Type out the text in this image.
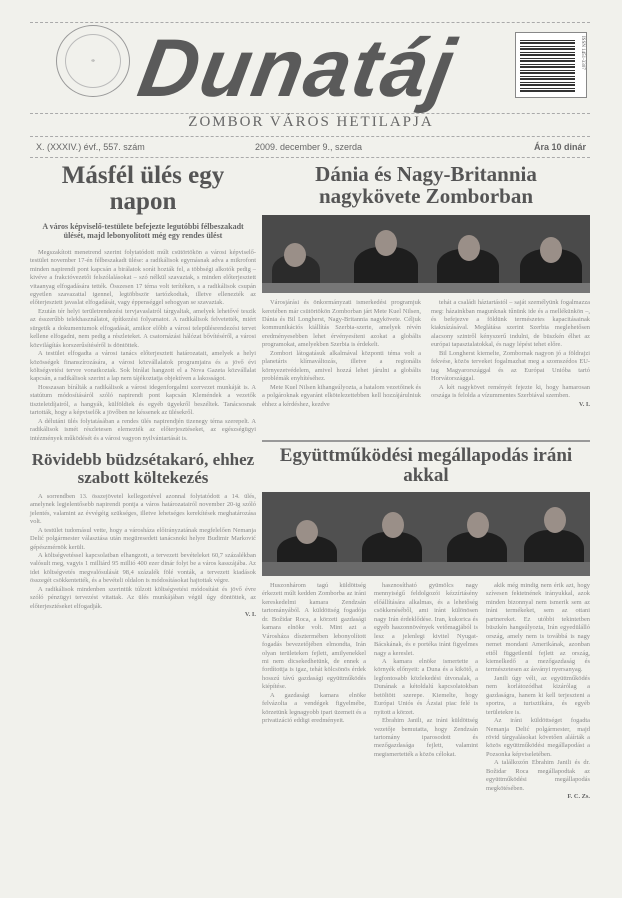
✠ Dunatáj	ISSN 1451-3307
ZOMBOR VÁROS HETILAPJA
X. (XXXIV.) évf., 557. szám	2009. december 9., szerda	Ára 10 dinár
Másfél ülés egy napon
A város képviselő-testülete befejezte legutóbbi félbeszakadt ülését, majd lebonyolított még egy rendes ülést

Megszakított menetrend szerint folytatódott múlt csütörtökön a városi képviselő-testület november 17-én félbeszakadt ülése: a radikálisok egymásnak adva a mikrofont minden napirendi pont kapcsán a birálatok sorát hozták fel, a többségi alkotók pedig – kivéve a frakcióvezetői felszólalásokat – szó nélkül szavaztak, s minden előterjesztett vitaanyag elfogadására tették. Összesen 17 téma volt terítéken, s a radikálisok csupán egyetlen szavazattal igennel, legtöbbször tartózkodtak, illetve ellenezték az előterjesztett javaslat elfogadását, vagy éppenséggel sehogyan se szavaztak.

Ezután tér helyi területrendezési tervjavaslatról tárgyaltak, amelyek lehetővé teszik az ésszerűbb telekhasználatot, építkezési folyamatot. A radikálisok felvetették, miért sürgetik a dokumentumok elfogadását, amikor előbb a városi településrendezési tervet kellene elfogadni, nem pedig a részleteket. A csatornázási hálózat bővítéséről, a városi közvilágítás korszerűsítéséről is döntöttek.

A testület elfogadta a városi tanács előterjesztett határozatait, amelyek a helyi közösségek finanszírozására, a városi közvállalatok programjaira és a jövő évi költségvetési tervre vonatkoztak. Sok birálat hangzott el a Nova Gazeta közvállalat kapcsán, a radikálisok szerint a lap nem tájékoztatja objektíven a lakosságot.

Hosszasan bírálták a radikálisok a városi idegenforgalmi szervezet munkáját is. A statútum módosításáról szóló napirendi pont kapcsán Kleméndek a vezetők tiszteletdíjairól, a hangyák, külföldiek és egyéb ügyekről beszéltek. Tanácsosnak tartották, hogy a képviselők a jövőben ne késsenek az ülésekről.

A délutáni ülés folytatásában a rendes ülés napirendjén tizenegy téma szerepelt. A radikálisok ismét részletesen elemezték az előterjesztéseket, az egészségügyi intézmények működését és a városi vagyon nyilvántartását is.

Rövidebb büdzsétakaró, ehhez szabott költekezés

A sorrendben 13. összejövetel kellegzetével azonnal folytatódott a 14. ülés, amelynek legjelentősebb napirendi pontja a város határozatairól november 20-ig szóló jelentés, valamint az évvégéig szükséges, illetve lehetséges kerekítések meghatározása volt.

A testület tudomásul vette, hogy a városháza előirányzatának megfelelően Nemanja Delić polgármester választása után megüresedett tanácsnoki helyre Budimir Marković gépészmérnök került.

A költségvetéssel kapcsolatban elhangzott, a tervezett bevételeket 60,7 százalékban valósult meg, vagyis 1 milliárd 95 millió 400 ezer dinár folyt be a város kasszájába. Az idei költségvetés megvalósulását 98,4 százalék fölé vonták, a tervezett kiadások összegét csökkentették, és a bevételi oldalon is módosításokat hajtottak végre.

A radikálisok mindenben szerintük túlzott költségvetési módosítást és jövő évre szóló pénzügyi tervezést vitattak. Az ülés munkájában végül úgy döntöttek, az előterjesztéseket elfogadják.

V. I.
Dánia és Nagy-Britannia nagykövete Zomborban

Városjárási és önkormányzati ismerkedési programjuk keretében már csütörtökön Zomborban járt Mete Kuel Nilsen, Dánia és Bil Longherst, Nagy-Britannia nagykövete. Céljuk kommunikációs kiállítás Szerbia-szerte, amelyek révén eredményesebben lehet érvényesíteni azokat a globális programokat, amelyekben Szerbia is érdekelt.

Zombori látogatásuk alkalmával központi téma volt a planetáris klímaváltozás, illetve a regionális környezetvédelem, amivel hozzá lehet járulni a globális problémák enyhítéséhez.

Mete Kuel Nilsen kihangsúlyozta, a hatalom vezetőinek és a polgároknak egyaránt elkötelezettebben kell hozzájárulniuk ehhez a kérdéshez, kezdve

tehát a családi háztartástól – saját személyünk fogalmazza meg: házainkban magunknak tűnünk ide és a mellékünkön –, és befejezve a földünk természetes kapacitásainak kiaknázásával. Meglátása szerint Szerbia meglehetősen alacsony szintről kényszerű indulni, de büszkén élhet az európai tapasztalatokkal, és nagy lépést tehet előre.

Bil Longherst kiemelte, Zombornak nagyon jó a földrajzi fekvése, közös terveket fogalmazhat meg a szomszédos EU-tag Magyarországgal és az Európai Unióba tartó Horvátországgal.

A két nagykövet reményét fejezte ki, hogy hamarosan országa is felolda a vízummentes Szerbiával szemben.

V. I.
Együttműködési megállapodás iráni akkal

Huszonhárom tagú küldöttség érkezett múlt kedden Zomborba az iráni kereskedelmi kamara Zendzsán tartományából. A küldöttség fogadója dr. Božidar Roca, a körzeti gazdasági kamara elnöke volt. Mint azt a Városháza dísztermében lebonyolított fogadás bevezetőjében elmondta, Irán olyan területeken fejlett, amilyenekkel mi nem dicsekedhetünk, de ennek a fordítottja is igaz, tehát kölcsönös érdek hosszú távú gazdasági együttműködés kiépítése.

A gazdasági kamara elnöke felvázolta a vendégek figyelmébe, körzetünk legnagyobb ipari üzemeit és a privatizáció eddigi eredményeit.

hasznosítható gyümölcs nagy mennyiségű feldolgozói kézzírtásény előállítására alkalmas, és a lehetőség csökkenéséből, ami iránt különösen nagy Irán érdeklődése. Iran, kukorica és egyéb haszonnövények vetőmagjából is lesz a jelenlegi kivitel Nyugat-Bácskának, és e portéka iránt figyelmes nagy a kereslet.

A kamara elnöke ismertette a környék előnyeit: a Duna és a kikötő, a legfontosabb közlekedési útvonalak, a Dunának a kétoldalú kapcsolatokban betöltött szerepe. Kiemelte, hogy Európai Uniós és Ázsiai piac felé is nyitott a körzet.

Ebrahim Janili, az iráni küldöttség vezetője bemutatta, hogy Zendzsán tartomány iparosodott és mezőgazdasága fejlett, valamint megismertették a közös célokat.

akik még mindig nem érik azt, hogy szívesen fektetnének irányukkal, azok minden bizonnyal nem ismerik sem az iráni termékeket, sem az ottani partnereket. Ez utóbbi tekintetben büszkén hangsúlyozta, Irán egyedülálló ország, amely nem is továbbá is nagy nemet mondani Amerikának, azonban ettől függetlenül fejlett az ország, kiemelkedő a mezőgazdaság és természetesen az ásványi nyersanyag.

Janili úgy véli, az együttműködés nem korlátozódhat kizárólag a gazdaságra, hanem ki kell terjeszteni a sportra, a turisztikára, és egyéb területekre is.

Az iráni küldöttséget fogadta Nemanja Delić polgármester, majd rövid tárgyalásokat követően aláírták a közös együttműködési megállapodást a Pozsonka képviseletében.

A találkozón Ebrahim Janili és dr. Božidar Roca megállapodtak az együttműködési megállapodás megkötésében.

F. C. Zs.
